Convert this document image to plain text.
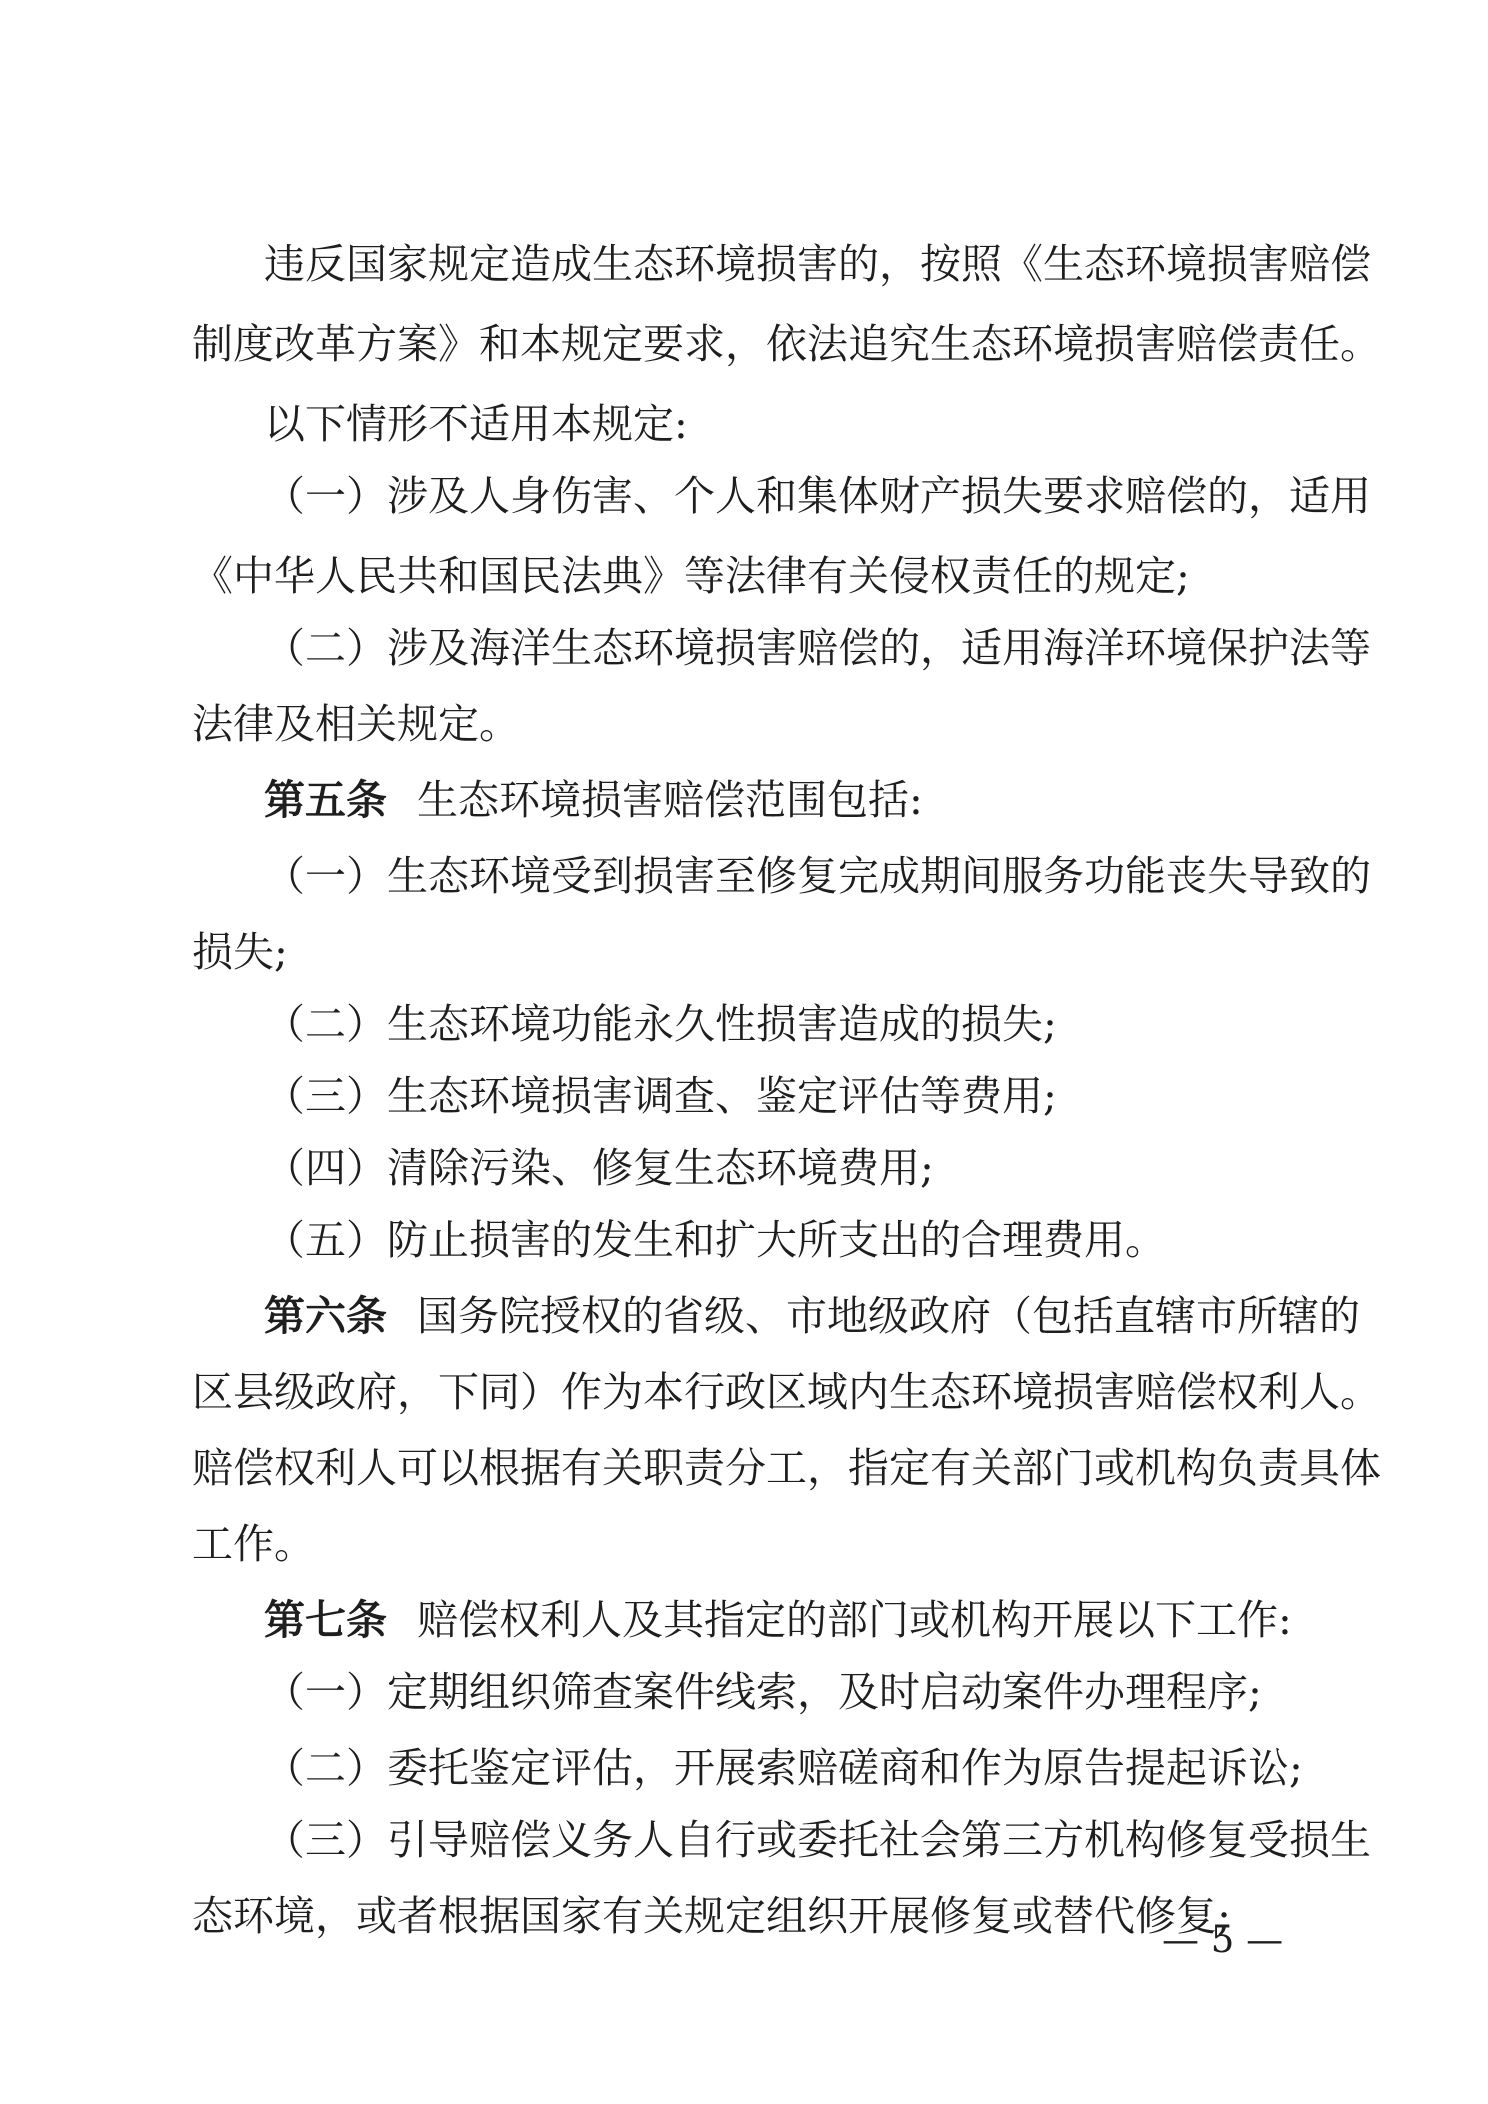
违反国家规定造成生态环境损害的，按照《生态环境损害赔偿
制度改革方案》和本规定要求，依法追究生态环境损害赔偿责任。
以下情形不适用本规定:
（一）涉及人身伤害、个人和集体财产损失要求赔偿的，适用
《中华人民共和国民法典》等法律有关侵权责任的规定;
（二）涉及海洋生态环境损害赔偿的，适用海洋环境保护法等
法律及相关规定。
第五条 生态环境损害赔偿范围包括:
（一）生态环境受到损害至修复完成期间服务功能丧失导致的
损失;
（二）生态环境功能永久性损害造成的损失;
（三）生态环境损害调查、鉴定评估等费用;
（四）清除污染、修复生态环境费用;
（五）防止损害的发生和扩大所支出的合理费用。
第六条 国务院授权的省级、市地级政府（包括直辖市所辖的
区县级政府，下同）作为本行政区域内生态环境损害赔偿权利人。
赔偿权利人可以根据有关职责分工，指定有关部门或机构负责具体
工作。
第七条 赔偿权利人及其指定的部门或机构开展以下工作:
（一）定期组织筛查案件线索，及时启动案件办理程序;
（二）委托鉴定评估，开展索赔磋商和作为原告提起诉讼;
（三）引导赔偿义务人自行或委托社会第三方机构修复受损生
态环境，或者根据国家有关规定组织开展修复或替代修复;
— 5 —
